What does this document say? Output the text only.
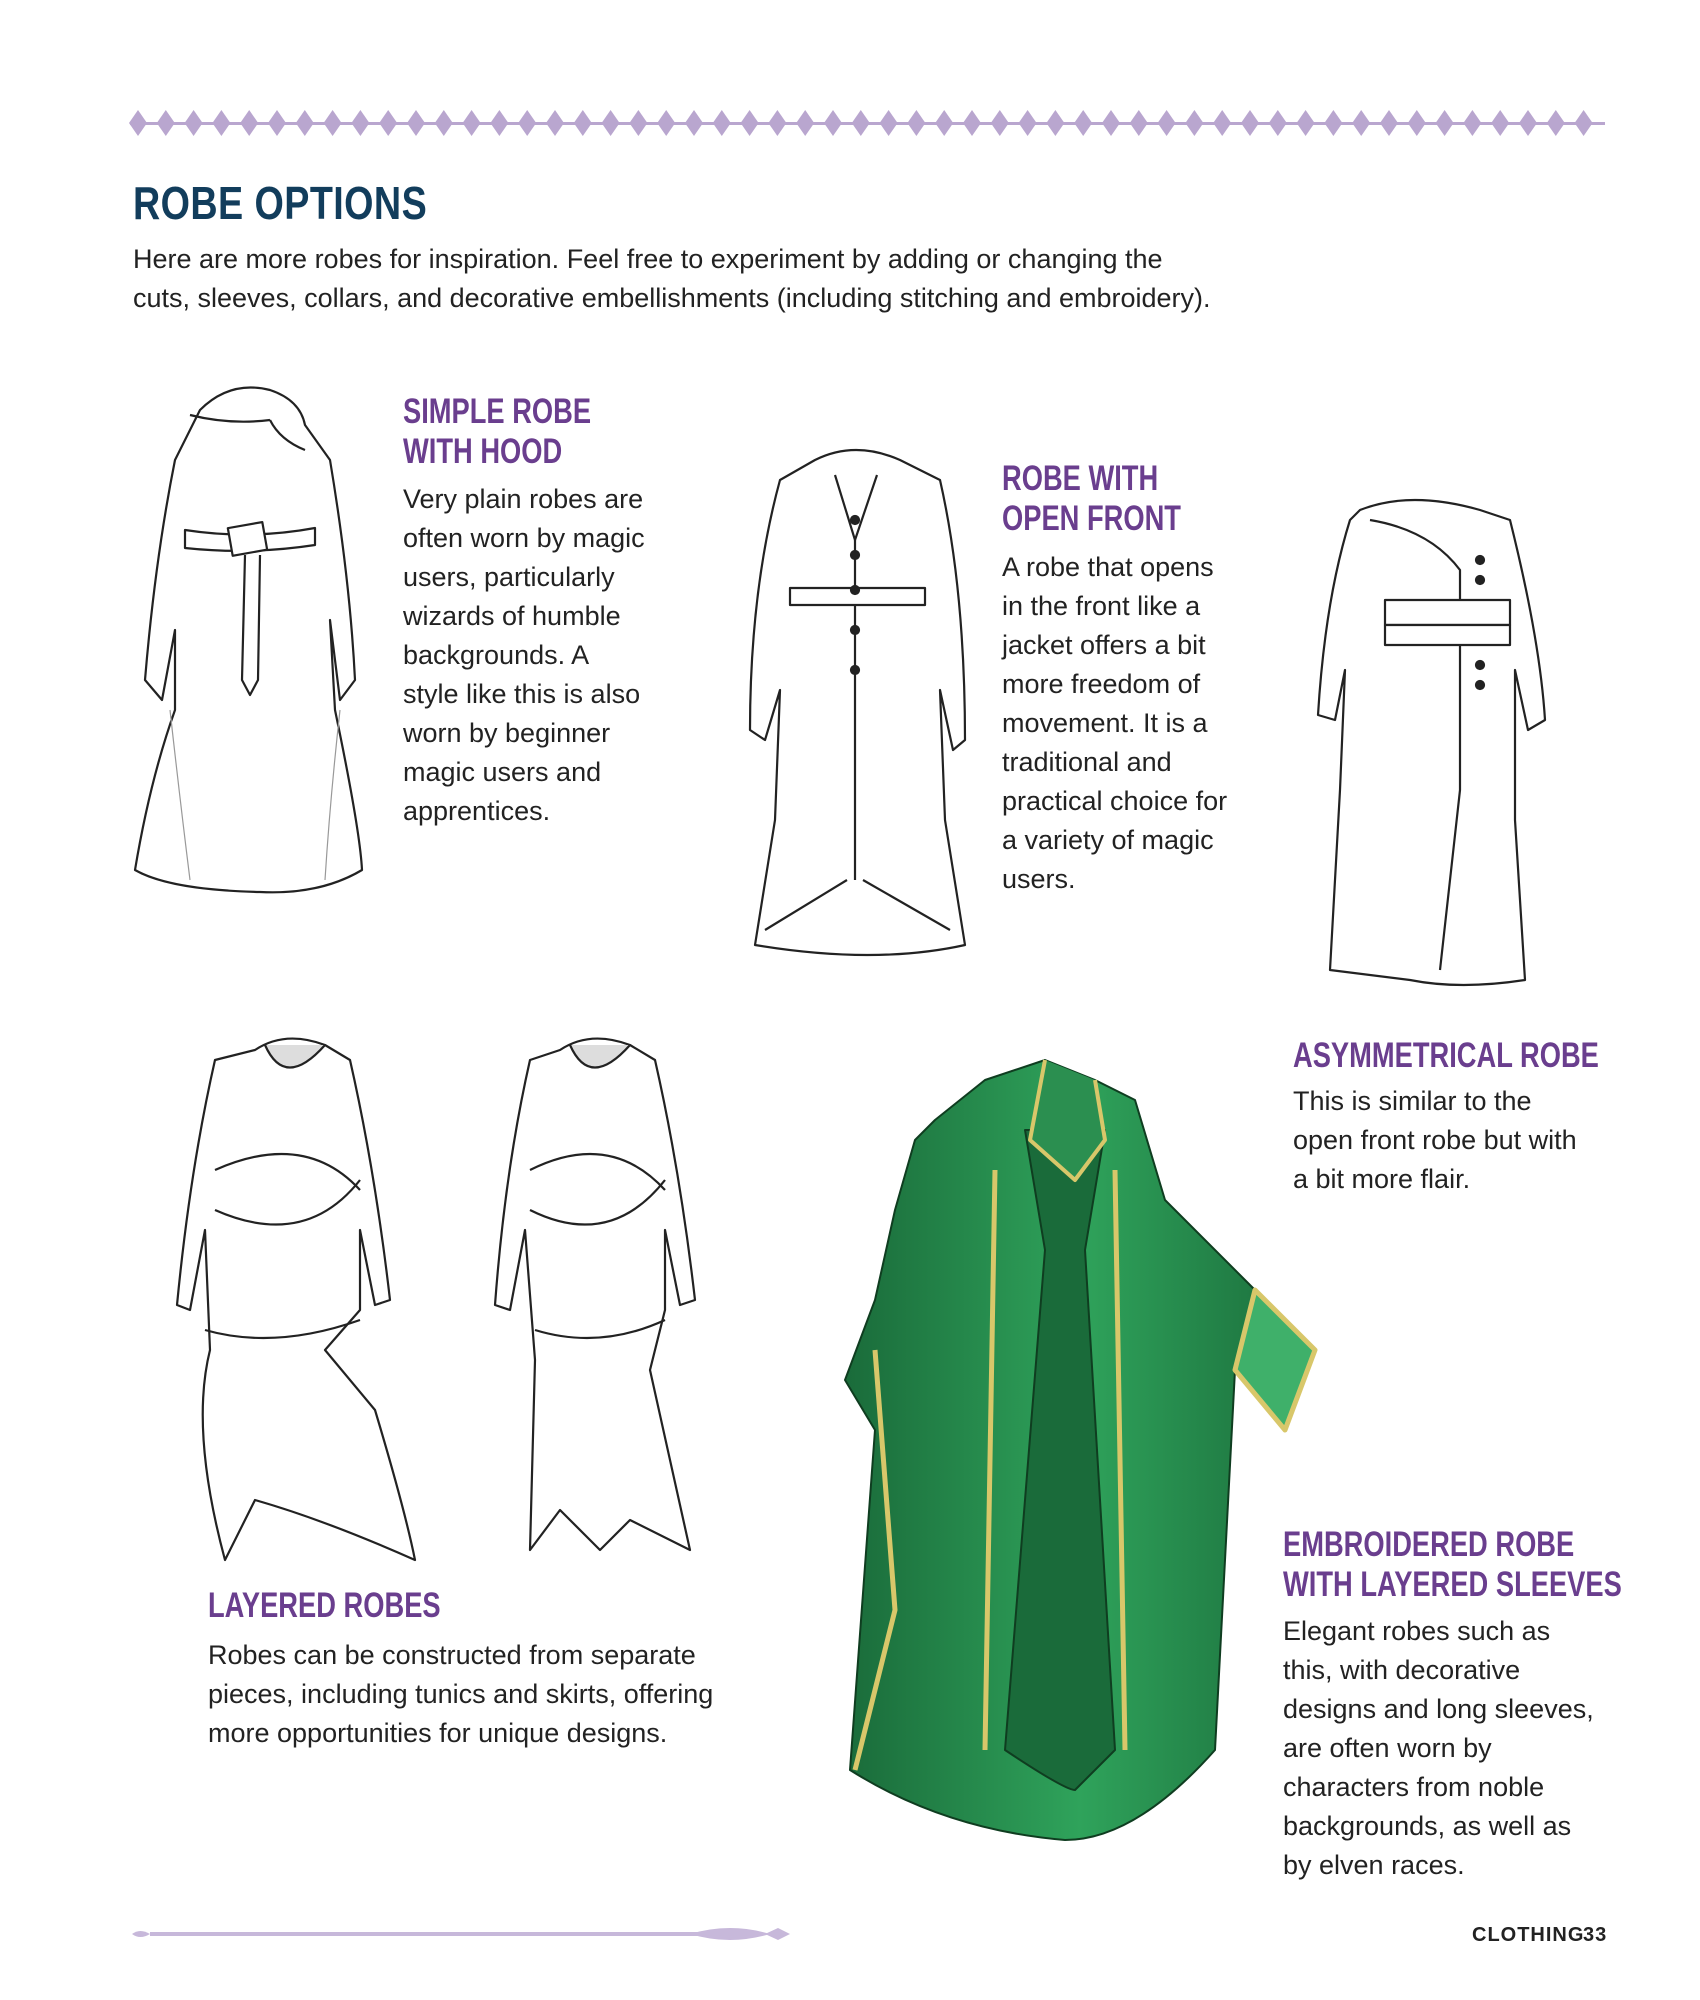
ROBE OPTIONS
Here are more robes for inspiration. Feel free to experiment by adding or changing the cuts, sleeves, collars, and decorative embellishments (including stitching and embroidery).
SIMPLE ROBE
WITH HOOD
Very plain robes are often worn by magic users, particularly wizards of humble backgrounds. A style like this is also worn by beginner magic users and apprentices.
ROBE WITH
OPEN FRONT
A robe that opens in the front like a jacket offers a bit more freedom of movement. It is a traditional and practical choice for a variety of magic users.
ASYMMETRICAL ROBE
This is similar to the open front robe but with a bit more flair.
LAYERED ROBES
Robes can be constructed from separate pieces, including tunics and skirts, offering more opportunities for unique designs.
EMBROIDERED ROBE
WITH LAYERED SLEEVES
Elegant robes such as this, with decorative designs and long sleeves, are often worn by characters from noble backgrounds, as well as by elven races.
CLOTHING
33
